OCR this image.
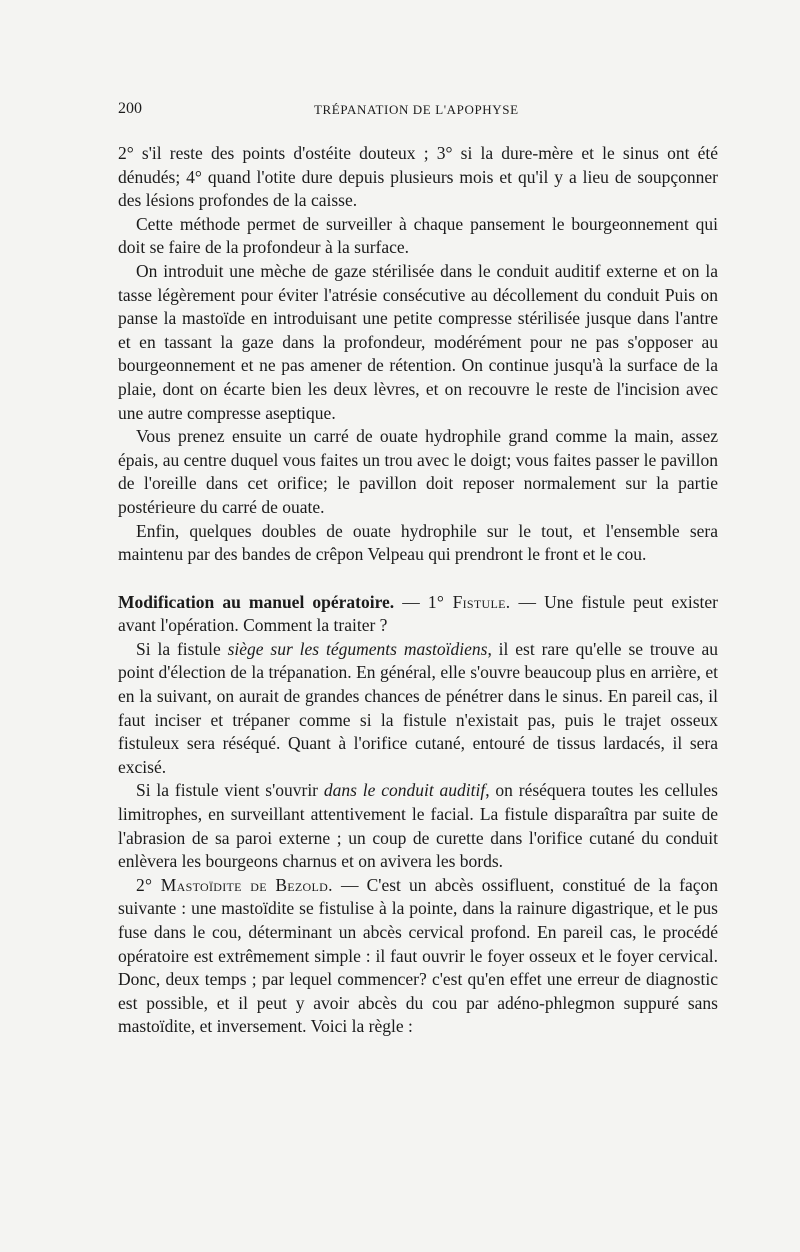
200	TRÉPANATION DE L'APOPHYSE

2° s'il reste des points d'ostéite douteux ; 3° si la dure-mère et le sinus ont été dénudés; 4° quand l'otite dure depuis plusieurs mois et qu'il y a lieu de soupçonner des lésions profondes de la caisse.

Cette méthode permet de surveiller à chaque pansement le bourgeonnement qui doit se faire de la profondeur à la surface.

On introduit une mèche de gaze stérilisée dans le conduit auditif externe et on la tasse légèrement pour éviter l'atrésie consécutive au décollement du conduit Puis on panse la mastoïde en introduisant une petite compresse stérilisée jusque dans l'antre et en tassant la gaze dans la profondeur, modérément pour ne pas s'opposer au bourgeonnement et ne pas amener de rétention. On continue jusqu'à la surface de la plaie, dont on écarte bien les deux lèvres, et on recouvre le reste de l'incision avec une autre compresse aseptique.

Vous prenez ensuite un carré de ouate hydrophile grand comme la main, assez épais, au centre duquel vous faites un trou avec le doigt; vous faites passer le pavillon de l'oreille dans cet orifice; le pavillon doit reposer normalement sur la partie postérieure du carré de ouate.

Enfin, quelques doubles de ouate hydrophile sur le tout, et l'ensemble sera maintenu par des bandes de crêpon Velpeau qui prendront le front et le cou.

Modification au manuel opératoire. — 1° Fistule. — Une fistule peut exister avant l'opération. Comment la traiter ?

Si la fistule siège sur les téguments mastoïdiens, il est rare qu'elle se trouve au point d'élection de la trépanation. En général, elle s'ouvre beaucoup plus en arrière, et en la suivant, on aurait de grandes chances de pénétrer dans le sinus. En pareil cas, il faut inciser et trépaner comme si la fistule n'existait pas, puis le trajet osseux fistuleux sera réséqué. Quant à l'orifice cutané, entouré de tissus lardacés, il sera excisé.

Si la fistule vient s'ouvrir dans le conduit auditif, on réséquera toutes les cellules limitrophes, en surveillant attentivement le facial. La fistule disparaîtra par suite de l'abrasion de sa paroi externe ; un coup de curette dans l'orifice cutané du conduit enlèvera les bourgeons charnus et on avivera les bords.

2° Mastoïdite de Bezold. — C'est un abcès ossifluent, constitué de la façon suivante : une mastoïdite se fistulise à la pointe, dans la rainure digastrique, et le pus fuse dans le cou, déterminant un abcès cervical profond. En pareil cas, le procédé opératoire est extrêmement simple : il faut ouvrir le foyer osseux et le foyer cervical. Donc, deux temps ; par lequel commencer? c'est qu'en effet une erreur de diagnostic est possible, et il peut y avoir abcès du cou par adéno-phlegmon suppuré sans mastoïdite, et inversement. Voici la règle :
